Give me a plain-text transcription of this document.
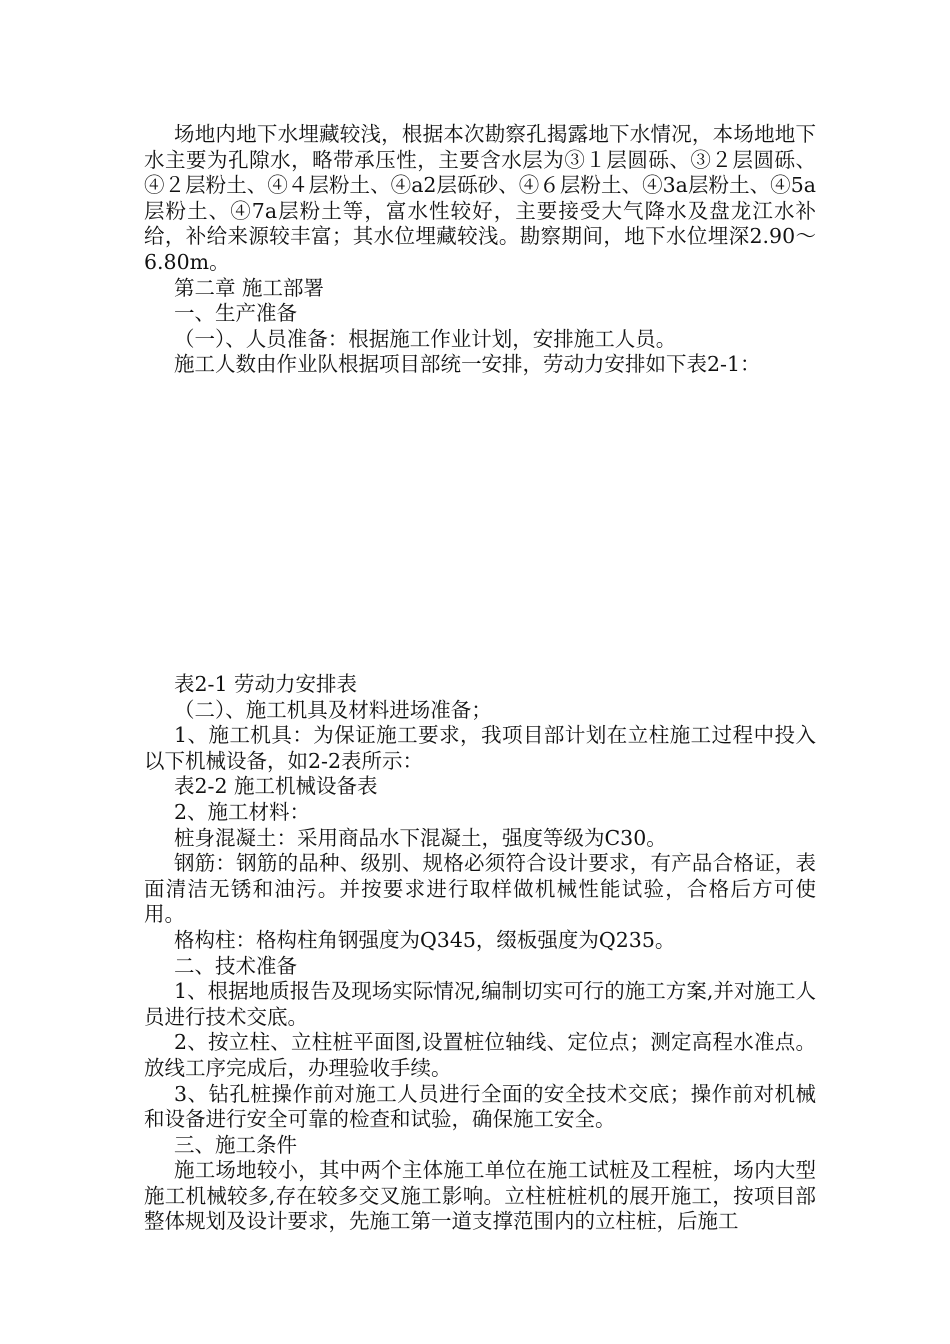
场地内地下水埋藏较浅，根据本次勘察孔揭露地下水情况，本场地地下水主要为孔隙水，略带承压性，主要含水层为③１层圆砾、③２层圆砾、④２层粉土、④４层粉土、④a2层砾砂、④６层粉土、④3a层粉土、④5a层粉土、④7a层粉土等，富水性较好，主要接受大气降水及盘龙江水补给，补给来源较丰富；其水位埋藏较浅。勘察期间，地下水位埋深2.90～6.80m。

第二章 施工部署

一、生产准备

（一）、人员准备：根据施工作业计划，安排施工人员。

施工人数由作业队根据项目部统一安排，劳动力安排如下表2-1：

表2-1 劳动力安排表

（二）、施工机具及材料进场准备；

1、施工机具：为保证施工要求，我项目部计划在立柱施工过程中投入以下机械设备，如2-2表所示：

表2-2 施工机械设备表

2、施工材料：

桩身混凝土：采用商品水下混凝土，强度等级为C30。

钢筋：钢筋的品种、级别、规格必须符合设计要求，有产品合格证，表面清洁无锈和油污。并按要求进行取样做机械性能试验，合格后方可使用。

格构柱：格构柱角钢强度为Q345，缀板强度为Q235。

二、技术准备

1、根据地质报告及现场实际情况,编制切实可行的施工方案,并对施工人员进行技术交底。

2、按立柱、立柱桩平面图,设置桩位轴线、定位点；测定高程水准点。放线工序完成后，办理验收手续。

3、钻孔桩操作前对施工人员进行全面的安全技术交底；操作前对机械和设备进行安全可靠的检查和试验，确保施工安全。

三、施工条件

施工场地较小，其中两个主体施工单位在施工试桩及工程桩，场内大型施工机械较多,存在较多交叉施工影响。立柱桩桩机的展开施工，按项目部整体规划及设计要求，先施工第一道支撑范围内的立柱桩，后施工
